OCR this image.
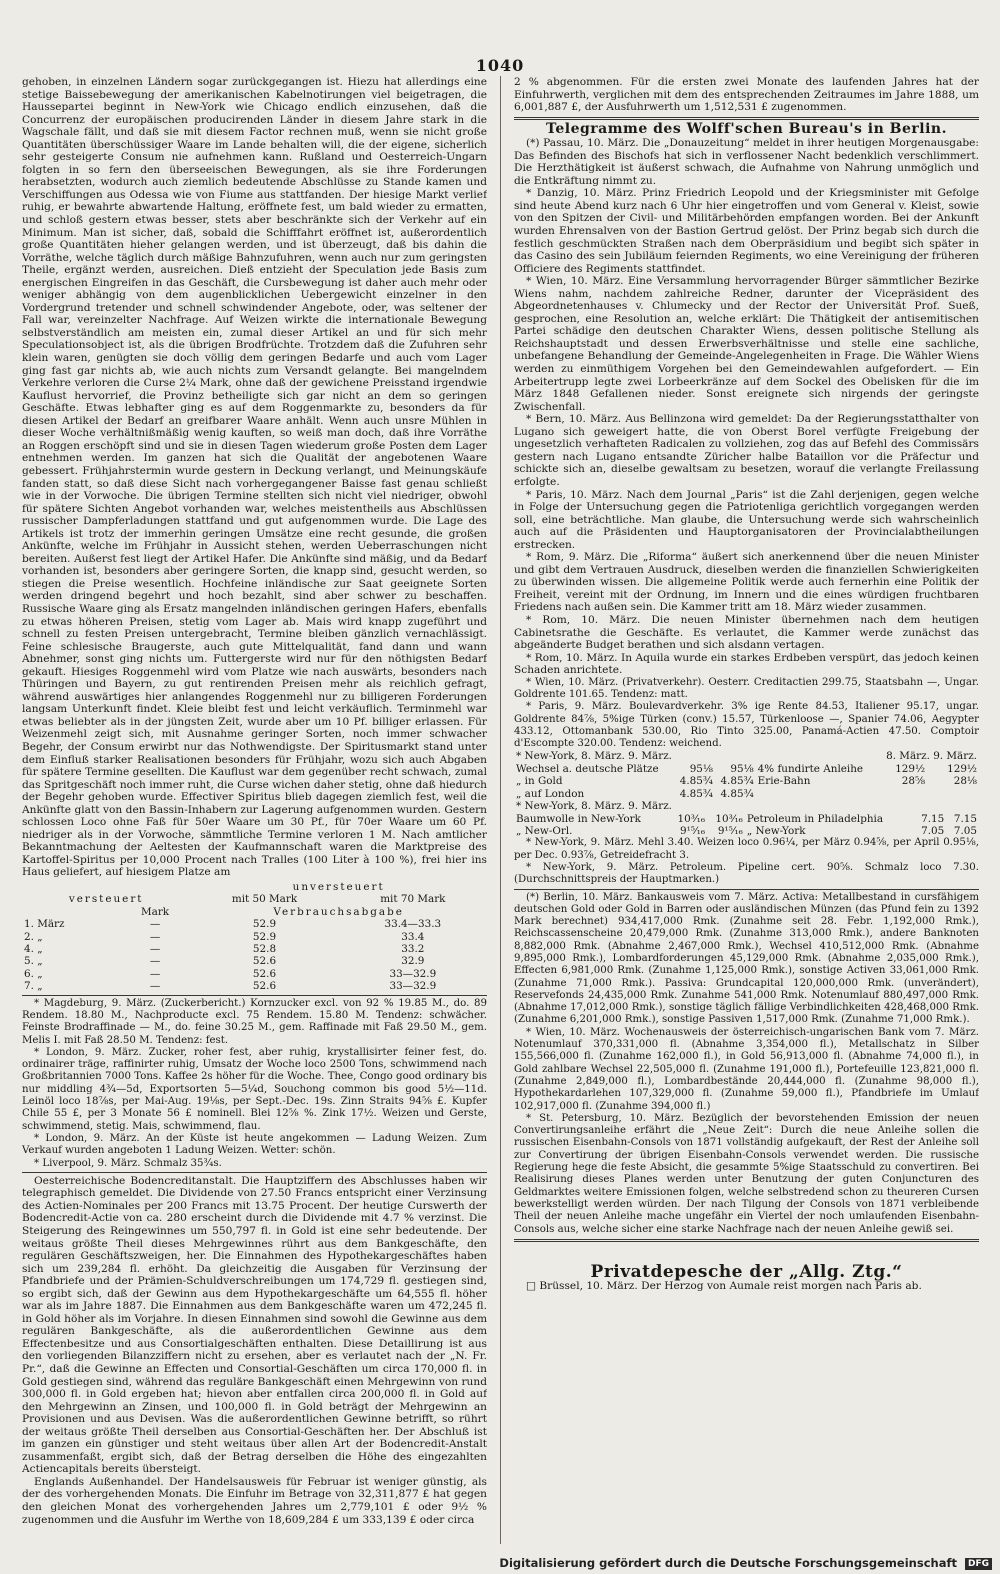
1040

gehoben, in einzelnen Ländern sogar zurückgegangen ist. Hiezu hat allerdings eine stetige Baissebewegung der amerikanischen Kabelnotirungen viel beigetragen, die Haussepartei beginnt in New-York wie Chicago endlich einzusehen, daß die Concurrenz der europäischen producirenden Länder in diesem Jahre stark in die Wagschale fällt, und daß sie mit diesem Factor rechnen muß, wenn sie nicht große Quantitäten überschüssiger Waare im Lande behalten will, die der eigene, sicherlich sehr gesteigerte Consum nie aufnehmen kann. Rußland und Oesterreich-Ungarn folgten in so fern den überseeischen Bewegungen, als sie ihre Forderungen herabsetzten, wodurch auch ziemlich bedeutende Abschlüsse zu Stande kamen und Verschiffungen aus Odessa wie von Fiume aus stattfanden. Der hiesige Markt verlief ruhig, er bewahrte abwartende Haltung, eröffnete fest, um bald wieder zu ermatten, und schloß gestern etwas besser, stets aber beschränkte sich der Verkehr auf ein Minimum. Man ist sicher, daß, sobald die Schifffahrt eröffnet ist, außerordentlich große Quantitäten hieher gelangen werden, und ist überzeugt, daß bis dahin die Vorräthe, welche täglich durch mäßige Bahnzufuhren, wenn auch nur zum geringsten Theile, ergänzt werden, ausreichen. Dieß entzieht der Speculation jede Basis zum energischen Eingreifen in das Geschäft, die Cursbewegung ist daher auch mehr oder weniger abhängig von dem augenblicklichen Uebergewicht einzelner in den Vordergrund tretender und schnell schwindender Angebote, oder, was seltener der Fall war, vereinzelter Nachfrage. Auf Weizen wirkte die internationale Bewegung selbstverständlich am meisten ein, zumal dieser Artikel an und für sich mehr Speculationsobject ist, als die übrigen Brodfrüchte. Trotzdem daß die Zufuhren sehr klein waren, genügten sie doch völlig dem geringen Bedarfe und auch vom Lager ging fast gar nichts ab, wie auch nichts zum Versandt gelangte. Bei mangelndem Verkehre verloren die Curse 2¼ Mark, ohne daß der gewichene Preisstand irgendwie Kauflust hervorrief, die Provinz betheiligte sich gar nicht an dem so geringen Geschäfte. Etwas lebhafter ging es auf dem Roggenmarkte zu, besonders da für diesen Artikel der Bedarf an greifbarer Waare anhält. Wenn auch unsre Mühlen in dieser Woche verhältnißmäßig wenig kauften, so weiß man doch, daß ihre Vorräthe an Roggen erschöpft sind und sie in diesen Tagen wiederum große Posten dem Lager entnehmen werden. Im ganzen hat sich die Qualität der angebotenen Waare gebessert. Frühjahrstermin wurde gestern in Deckung verlangt, und Meinungskäufe fanden statt, so daß diese Sicht nach vorhergegangener Baisse fast genau schließt wie in der Vorwoche. Die übrigen Termine stellten sich nicht viel niedriger, obwohl für spätere Sichten Angebot vorhanden war, welches meistentheils aus Abschlüssen russischer Dampferladungen stattfand und gut aufgenommen wurde. Die Lage des Artikels ist trotz der immerhin geringen Umsätze eine recht gesunde, die großen Ankünfte, welche im Frühjahr in Aussicht stehen, werden Ueberraschungen nicht bereiten. Außerst fest liegt der Artikel Hafer. Die Ankünfte sind mäßig, und da Bedarf vorhanden ist, besonders aber geringere Sorten, die knapp sind, gesucht werden, so stiegen die Preise wesentlich. Hochfeine inländische zur Saat geeignete Sorten werden dringend begehrt und hoch bezahlt, sind aber schwer zu beschaffen. Russische Waare ging als Ersatz mangelnden inländischen geringen Hafers, ebenfalls zu etwas höheren Preisen, stetig vom Lager ab. Mais wird knapp zugeführt und schnell zu festen Preisen untergebracht, Termine bleiben gänzlich vernachlässigt. Feine schlesische Braugerste, auch gute Mittelqualität, fand dann und wann Abnehmer, sonst ging nichts um. Futtergerste wird nur für den nöthigsten Bedarf gekauft. Hiesiges Roggenmehl wird vom Platze wie nach auswärts, besonders nach Thüringen und Bayern, zu gut rentirenden Preisen mehr als reichlich gefragt, während auswärtiges hier anlangendes Roggenmehl nur zu billigeren Forderungen langsam Unterkunft findet. Kleie bleibt fest und leicht verkäuflich. Terminmehl war etwas beliebter als in der jüngsten Zeit, wurde aber um 10 Pf. billiger erlassen. Für Weizenmehl zeigt sich, mit Ausnahme geringer Sorten, noch immer schwacher Begehr, der Consum erwirbt nur das Nothwendigste. Der Spiritusmarkt stand unter dem Einfluß starker Realisationen besonders für Frühjahr, wozu sich auch Abgaben für spätere Termine gesellten. Die Kauflust war dem gegenüber recht schwach, zumal das Spritgeschäft noch immer ruht, die Curse wichen daher stetig, ohne daß hiedurch der Begehr gehoben wurde. Effectiver Spiritus blieb dagegen ziemlich fest, weil die Ankünfte glatt von den Bassin-Inhabern zur Lagerung aufgenommen wurden. Gestern schlossen Loco ohne Faß für 50er Waare um 30 Pf., für 70er Waare um 60 Pf. niedriger als in der Vorwoche, sämmtliche Termine verloren 1 M. Nach amtlicher Bekanntmachung der Aeltesten der Kaufmannschaft waren die Marktpreise des Kartoffel-Spiritus per 10,000 Procent nach Tralles (100 Liter à 100 %), frei hier ins Haus geliefert, auf hiesigem Platze am

		unversteuert	
versteuert		mit 50 Mark	mit 70 Mark
	Mark	Verbrauchsabgabe	
1. März	—	52.9	33.4—33.3
2. „	—	52.9	33.4
4. „	—	52.8	33.2
5. „	—	52.6	32.9
6. „	—	52.6	33—32.9
7. „	—	52.6	33—32.9

* Magdeburg, 9. März. (Zuckerbericht.) Kornzucker excl. von 92 % 19.85 M., do. 89 Rendem. 18.80 M., Nachproducte excl. 75 Rendem. 15.80 M. Tendenz: schwächer. Feinste Brodraffinade — M., do. feine 30.25 M., gem. Raffinade mit Faß 29.50 M., gem. Melis I. mit Faß 28.50 M. Tendenz: fest.

* London, 9. März. Zucker, roher fest, aber ruhig, krystallisirter feiner fest, do. ordinairer träge, raffinirter ruhig, Umsatz der Woche loco 2500 Tons, schwimmend nach Großbritannien 7000 Tons. Kaffee 2s höher für die Woche. Thee, Congo good ordinary bis nur middling 4¾—5d, Exportsorten 5—5¼d, Souchong common bis good 5½—11d. Leinöl loco 18⅞s, per Mai-Aug. 19⅛s, per Sept.-Dec. 19s. Zinn Straits 94⅝ £. Kupfer Chile 55 £, per 3 Monate 56 £ nominell. Blei 12⅝ %. Zink 17½. Weizen und Gerste, schwimmend, stetig. Mais, schwimmend, flau.

* London, 9. März. An der Küste ist heute angekommen — Ladung Weizen. Zum Verkauf wurden angeboten 1 Ladung Weizen. Wetter: schön.

* Liverpool, 9. März. Schmalz 35¾s.

Oesterreichische Bodencreditanstalt. Die Hauptziffern des Abschlusses haben wir telegraphisch gemeldet. Die Dividende von 27.50 Francs entspricht einer Verzinsung des Actien-Nominales per 200 Francs mit 13.75 Procent. Der heutige Curswerth der Bodencredit-Actie von ca. 280 erscheint durch die Dividende mit 4.7 % verzinst. Die Steigerung des Reingewinnes um 550,797 fl. in Gold ist eine sehr bedeutende. Der weitaus größte Theil dieses Mehrgewinnes rührt aus dem Bankgeschäfte, den regulären Geschäftszweigen, her. Die Einnahmen des Hypothekargeschäftes haben sich um 239,284 fl. erhöht. Da gleichzeitig die Ausgaben für Verzinsung der Pfandbriefe und der Prämien-Schuldverschreibungen um 174,729 fl. gestiegen sind, so ergibt sich, daß der Gewinn aus dem Hypothekargeschäfte um 64,555 fl. höher war als im Jahre 1887. Die Einnahmen aus dem Bankgeschäfte waren um 472,245 fl. in Gold höher als im Vorjahre. In diesen Einnahmen sind sowohl die Gewinne aus dem regulären Bankgeschäfte, als die außerordentlichen Gewinne aus dem Effectenbesitze und aus Consortialgeschäften enthalten. Diese Detaillirung ist aus den vorliegenden Bilanzziffern nicht zu ersehen, aber es verlautet nach der „N. Fr. Pr.“, daß die Gewinne an Effecten und Consortial-Geschäften um circa 170,000 fl. in Gold gestiegen sind, während das reguläre Bankgeschäft einen Mehrgewinn von rund 300,000 fl. in Gold ergeben hat; hievon aber entfallen circa 200,000 fl. in Gold auf den Mehrgewinn an Zinsen, und 100,000 fl. in Gold beträgt der Mehrgewinn an Provisionen und aus Devisen. Was die außerordentlichen Gewinne betrifft, so rührt der weitaus größte Theil derselben aus Consortial-Geschäften her. Der Abschluß ist im ganzen ein günstiger und steht weitaus über allen Art der Bodencredit-Anstalt zusammenfaßt, ergibt sich, daß der Betrag derselben die Höhe des eingezahlten Actiencapitals bereits übersteigt.

Englands Außenhandel. Der Handelsausweis für Februar ist weniger günstig, als der des vorhergehenden Monats. Die Einfuhr im Betrage von 32,311,877 £ hat gegen den gleichen Monat des vorhergehenden Jahres um 2,779,101 £ oder 9½ % zugenommen und die Ausfuhr im Werthe von 18,609,284 £ um 333,139 £ oder circa

2 % abgenommen. Für die ersten zwei Monate des laufenden Jahres hat der Einfuhrwerth, verglichen mit dem des entsprechenden Zeitraumes im Jahre 1888, um 6,001,887 £, der Ausfuhrwerth um 1,512,531 £ zugenommen.

Telegramme des Wolff'schen Bureau's in Berlin.

(*) Passau, 10. März. Die „Donauzeitung“ meldet in ihrer heutigen Morgenausgabe: Das Befinden des Bischofs hat sich in verflossener Nacht bedenklich verschlimmert. Die Herzthätigkeit ist äußerst schwach, die Aufnahme von Nahrung unmöglich und die Entkräftung nimmt zu.

* Danzig, 10. März. Prinz Friedrich Leopold und der Kriegsminister mit Gefolge sind heute Abend kurz nach 6 Uhr hier eingetroffen und vom General v. Kleist, sowie von den Spitzen der Civil- und Militärbehörden empfangen worden. Bei der Ankunft wurden Ehrensalven von der Bastion Gertrud gelöst. Der Prinz begab sich durch die festlich geschmückten Straßen nach dem Oberpräsidium und begibt sich später in das Casino des sein Jubiläum feiernden Regiments, wo eine Vereinigung der früheren Officiere des Regiments stattfindet.

* Wien, 10. März. Eine Versammlung hervorragender Bürger sämmtlicher Bezirke Wiens nahm, nachdem zahlreiche Redner, darunter der Vicepräsident des Abgeordnetenhauses v. Chlumecky und der Rector der Universität Prof. Sueß, gesprochen, eine Resolution an, welche erklärt: Die Thätigkeit der antisemitischen Partei schädige den deutschen Charakter Wiens, dessen politische Stellung als Reichshauptstadt und dessen Erwerbsverhältnisse und stelle eine sachliche, unbefangene Behandlung der Gemeinde-Angelegenheiten in Frage. Die Wähler Wiens werden zu einmüthigem Vorgehen bei den Gemeindewahlen aufgefordert. — Ein Arbeitertrupp legte zwei Lorbeerkränze auf dem Sockel des Obelisken für die im März 1848 Gefallenen nieder. Sonst ereignete sich nirgends der geringste Zwischenfall.

* Bern, 10. März. Aus Bellinzona wird gemeldet: Da der Regierungsstatthalter von Lugano sich geweigert hatte, die von Oberst Borel verfügte Freigebung der ungesetzlich verhafteten Radicalen zu vollziehen, zog das auf Befehl des Commissärs gestern nach Lugano entsandte Züricher halbe Bataillon vor die Präfectur und schickte sich an, dieselbe gewaltsam zu besetzen, worauf die verlangte Freilassung erfolgte.

* Paris, 10. März. Nach dem Journal „Paris“ ist die Zahl derjenigen, gegen welche in Folge der Untersuchung gegen die Patriotenliga gerichtlich vorgegangen werden soll, eine beträchtliche. Man glaube, die Untersuchung werde sich wahrscheinlich auch auf die Präsidenten und Hauptorganisatoren der Provincialabtheilungen erstrecken.

* Rom, 9. März. Die „Riforma“ äußert sich anerkennend über die neuen Minister und gibt dem Vertrauen Ausdruck, dieselben werden die finanziellen Schwierigkeiten zu überwinden wissen. Die allgemeine Politik werde auch fernerhin eine Politik der Freiheit, vereint mit der Ordnung, im Innern und die eines würdigen fruchtbaren Friedens nach außen sein. Die Kammer tritt am 18. März wieder zusammen.

* Rom, 10. März. Die neuen Minister übernehmen nach dem heutigen Cabinetsrathe die Geschäfte. Es verlautet, die Kammer werde zunächst das abgeänderte Budget berathen und sich alsdann vertagen.

* Rom, 10. März. In Aquila wurde ein starkes Erdbeben verspürt, das jedoch keinen Schaden anrichtete.

* Wien, 10. März. (Privatverkehr). Oesterr. Creditactien 299.75, Staatsbahn —, Ungar. Goldrente 101.65. Tendenz: matt.

* Paris, 9. März. Boulevardverkehr. 3% ige Rente 84.53, Italiener 95.17, ungar. Goldrente 84⅞, 5%ige Türken (conv.) 15.57, Türkenloose —, Spanier 74.06, Aegypter 433.12, Ottomanbank 530.00, Rio Tinto 325.00, Panamá-Actien 47.50. Comptoir d'Escompte 320.00. Tendenz: weichend.

* New-York, 8. März. 9. März.				8. März. 9. März.	
Wechsel a. deutsche Plätze	95⅛	95⅛	4% fundirte Anleihe	129½	129½
„ in Gold	4.85¾	4.85¾	Erie-Bahn	28⅝	28⅛
„ auf London	4.85¾	4.85¾			
* New-York, 8. März. 9. März.					
Baumwolle in New-York	10³⁄₁₆	10³⁄₁₆	Petroleum in Philadelphia	7.15	7.15
„ New-Orl.	9¹⁵⁄₁₆	9¹⁵⁄₁₆	„ New-York	7.05	7.05

* New-York, 9. März. Mehl 3.40. Weizen loco 0.96¼, per März 0.94⅝, per April 0.95⅛, per Dec. 0.93⅞, Getreidefracht 3.

* New-York, 9. März. Petroleum. Pipeline cert. 90⅝. Schmalz loco 7.30. (Durchschnittspreis der Hauptmarken.)

(*) Berlin, 10. März. Bankausweis vom 7. März. Activa: Metallbestand in cursfähigem deutschen Gold oder Gold in Barren oder ausländischen Münzen (das Pfund fein zu 1392 Mark berechnet) 934,417,000 Rmk. (Zunahme seit 28. Febr. 1,192,000 Rmk.), Reichscassenscheine 20,479,000 Rmk. (Zunahme 313,000 Rmk.), andere Banknoten 8,882,000 Rmk. (Abnahme 2,467,000 Rmk.), Wechsel 410,512,000 Rmk. (Abnahme 9,895,000 Rmk.), Lombardforderungen 45,129,000 Rmk. (Abnahme 2,035,000 Rmk.), Effecten 6,981,000 Rmk. (Zunahme 1,125,000 Rmk.), sonstige Activen 33,061,000 Rmk. (Zunahme 71,000 Rmk.). Passiva: Grundcapital 120,000,000 Rmk. (unverändert), Reservefonds 24,435,000 Rmk. Zunahme 541,000 Rmk. Notenumlauf 880,497,000 Rmk. (Abnahme 17,012,000 Rmk.), sonstige täglich fällige Verbindlichkeiten 428,468,000 Rmk. (Zunahme 6,201,000 Rmk.), sonstige Passiven 1,517,000 Rmk. (Zunahme 71,000 Rmk.).

* Wien, 10. März. Wochenausweis der österreichisch-ungarischen Bank vom 7. März. Notenumlauf 370,331,000 fl. (Abnahme 3,354,000 fl.), Metallschatz in Silber 155,566,000 fl. (Zunahme 162,000 fl.), in Gold 56,913,000 fl. (Abnahme 74,000 fl.), in Gold zahlbare Wechsel 22,505,000 fl. (Zunahme 191,000 fl.), Portefeuille 123,821,000 fl. (Zunahme 2,849,000 fl.), Lombardbestände 20,444,000 fl. (Zunahme 98,000 fl.), Hypothekardarlehen 107,329,000 fl. (Zunahme 59,000 fl.), Pfandbriefe im Umlauf 102,917,000 fl. (Zunahme 394,000 fl.)

* St. Petersburg, 10. März. Bezüglich der bevorstehenden Emission der neuen Convertirungsanleihe erfährt die „Neue Zeit“: Durch die neue Anleihe sollen die russischen Eisenbahn-Consols von 1871 vollständig aufgekauft, der Rest der Anleihe soll zur Convertirung der übrigen Eisenbahn-Consols verwendet werden. Die russische Regierung hege die feste Absicht, die gesammte 5%ige Staatsschuld zu convertiren. Bei Realisirung dieses Planes werden unter Benutzung der guten Conjuncturen des Geldmarktes weitere Emissionen folgen, welche selbstredend schon zu theureren Cursen bewerkstelligt werden würden. Der nach Tilgung der Consols von 1871 verbleibende Theil der neuen Anleihe mache ungefähr ein Viertel der noch umlaufenden Eisenbahn-Consols aus, welche sicher eine starke Nachfrage nach der neuen Anleihe gewiß sei.

Privatdepesche der „Allg. Ztg.“

□ Brüssel, 10. März. Der Herzog von Aumale reist morgen nach Paris ab.

Digitalisierung gefördert durch die Deutsche Forschungsgemeinschaft DFG
